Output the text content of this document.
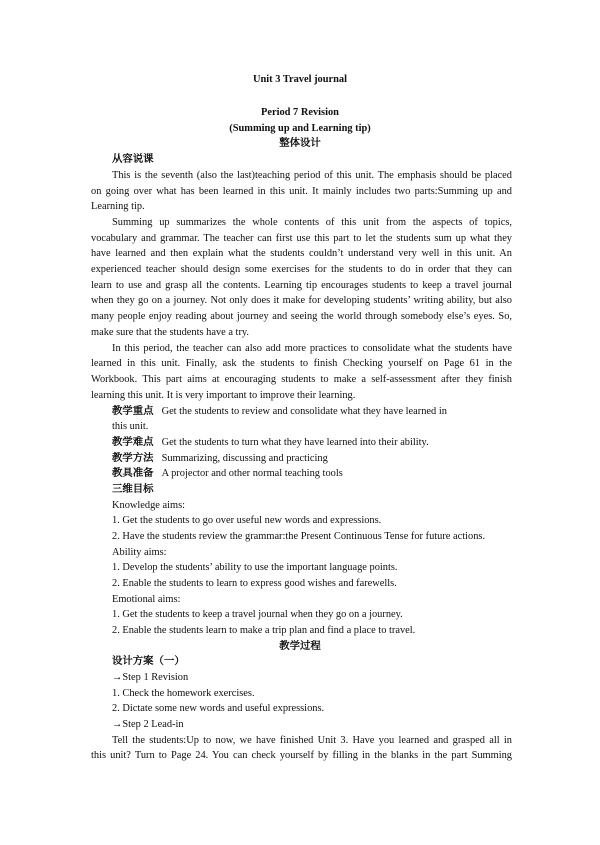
Unit 3 Travel journal
Period 7 Revision
(Summing up and Learning tip)
整体设计
从容说课
This is the seventh (also the last)teaching period of this unit. The emphasis should be placed
on going over what has been learned in this unit. It mainly includes two parts:Summing up and
Learning tip.
Summing up summarizes the whole contents of this unit from the aspects of topics,
vocabulary and grammar. The teacher can first use this part to let the students sum up what they
have learned and then explain what the students couldn’t understand very well in this unit. An
experienced teacher should design some exercises for the students to do in order that they can
learn to use and grasp all the contents. Learning tip encourages students to keep a travel journal
when they go on a journey. Not only does it make for developing students’ writing ability, but also
many people enjoy reading about journey and seeing the world through somebody else’s eyes. So,
make sure that the students have a try.
In this period, the teacher can also add more practices to consolidate what the students have
learned in this unit. Finally, ask the students to finish Checking yourself on Page 61 in the
Workbook. This part aims at encouraging students to make a self-assessment after they finish
learning this unit. It is very important to improve their learning.
教学重点 Get the students to review and consolidate what they have learned in
this unit.
教学难点 Get the students to turn what they have learned into their ability.
教学方法 Summarizing, discussing and practicing
教具准备 A projector and other normal teaching tools
三维目标
Knowledge aims:
1. Get the students to go over useful new words and expressions.
2. Have the students review the grammar:the Present Continuous Tense for future actions.
Ability aims:
1. Develop the students’ ability to use the important language points.
2. Enable the students to learn to express good wishes and farewells.
Emotional aims:
1. Get the students to keep a travel journal when they go on a journey.
2. Enable the students learn to make a trip plan and find a place to travel.
教学过程
设计方案（一）
→Step 1 Revision
1. Check the homework exercises.
2. Dictate some new words and useful expressions.
→Step 2 Lead-in
Tell the students:Up to now, we have finished Unit 3. Have you learned and grasped all in
this unit? Turn to Page 24. You can check yourself by filling in the blanks in the part Summing
